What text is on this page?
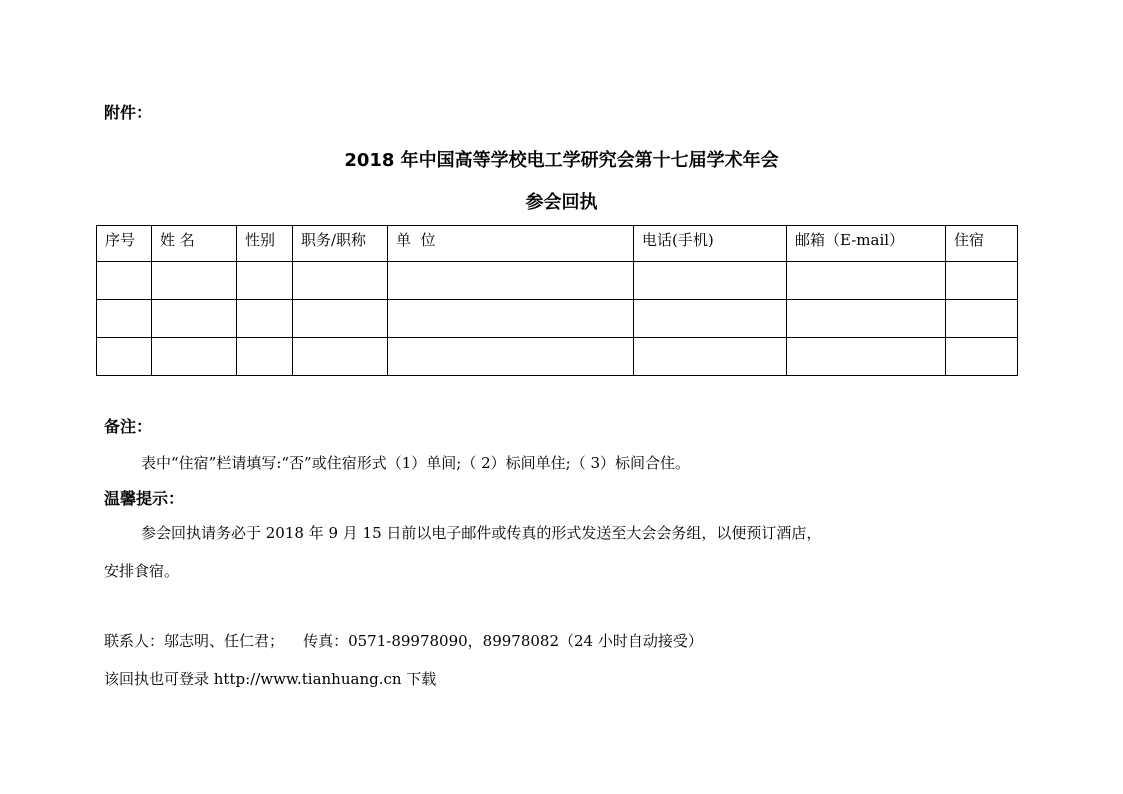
附件：
2018 年中国高等学校电工学研究会第十七届学术年会
参会回执
序号	姓 名	性别	职务/职称	单  位	电话(手机)	邮箱（E-mail）	住宿

备注：
表中“住宿”栏请填写:“否”或住宿形式（1）单间;（ 2）标间单住;（ 3）标间合住。
温馨提示：
参会回执请务必于 2018 年 9 月 15 日前以电子邮件或传真的形式发送至大会会务组，以便预订酒店，
安排食宿。
联系人：邬志明、任仁君；    传真：0571-89978090，89978082（24 小时自动接受）
该回执也可登录 http://www.tianhuang.cn 下载
